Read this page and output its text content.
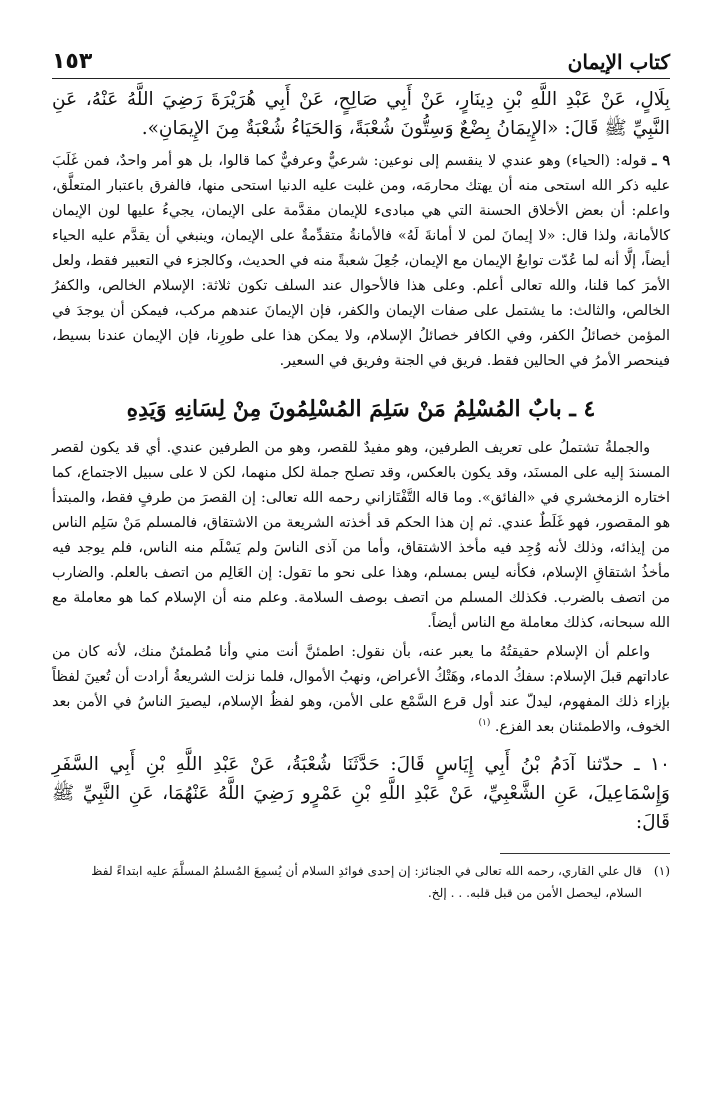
كتاب الإيمان
١٥٣

بِلَالٍ، عَنْ عَبْدِ اللَّهِ بْنِ دِينَارٍ، عَنْ أَبِي صَالِحٍ، عَنْ أَبِي هُرَيْرَةَ رَضِيَ اللَّهُ عَنْهُ، عَنِ النَّبِيِّ ﷺ قَالَ: «الإِيمَانُ بِضْعٌ وَسِتُّونَ شُعْبَةً، وَالحَيَاءُ شُعْبَةٌ مِنَ الإِيمَانِ».

٩ ـ قوله: (الحياء) وهو عندي لا ينقسم إلى نوعين: شرعيٌّ وعرفيٌّ كما قالوا، بل هو أمر واحدٌ، فمن غَلَبَ عليه ذكر الله استحى منه أن يهتك محارمَه، ومن غلبت عليه الدنيا استحى منها، فالفرق باعتبار المتعلَّق، واعلم: أن بعض الأخلاق الحسنة التي هي مبادىء للإيمان مقدَّمة على الإيمان، يجيءُ عليها لون الإيمان كالأمانة، ولذا قال: «لا إيمانَ لمن لا أمانةَ لَهُ» فالأمانةُ متقدِّمةٌ على الإيمان، وينبغي أن يقدَّم عليه الحياء أيضاً، إلَّا أنه لما عُدّت توابعُ الإيمان مع الإيمان، جُعِلَ شعبةً منه في الحديث، وكالجزء في التعبير فقط، ولعل الأمرَ كما قلنا، والله تعالى أعلم. وعلى هذا فالأحوال عند السلف تكون ثلاثة: الإسلام الخالص، والكفرُ الخالص، والثالث: ما يشتمل على صفات الإيمان والكفر، فإن الإيمانَ عندهم مركب، فيمكن أن يوجدَ في المؤمن خصائلُ الكفر، وفي الكافر خصائلُ الإسلام، ولا يمكن هذا على طورِنا، فإن الإيمان عندنا بسيط، فينحصر الأمرُ في الحالين فقط. فريق في الجنة وفريق في السعير.

٤ ـ بابٌ المُسْلِمُ مَنْ سَلِمَ المُسْلِمُونَ مِنْ لِسَانِهِ وَيَدِهِ

والجملةُ تشتملُ على تعريف الطرفين، وهو مفيدٌ للقصر، وهو من الطرفين عندي. أي قد يكون لقصر المسندَ إليه على المسنَد، وقد يكون بالعكس، وقد تصلح جملة لكل منهما، لكن لا على سبيل الاجتماع، كما اختاره الزمخشري في «الفائق». وما قاله التَّفْتَازاني رحمه الله تعالى: إن القصرَ من طرفٍ فقط، والمبتدأ هو المقصور، فهو غَلَطٌ عندي. ثم إن هذا الحكم قد أخذته الشريعة من الاشتقاق، فالمسلم مَنْ سَلِم الناس من إيذائه، وذلك لأنه وُجِد فيه مأخذ الاشتقاق، وأما من آذى الناسَ ولم يَسْلَم منه الناس، فلم يوجد فيه مأخذُ اشتقاقِ الإسلام، فكأنه ليس بمسلم، وهذا على نحو ما تقول: إن العَالِم من اتصف بالعلم. والضارب من اتصف بالضرب. فكذلك المسلم من اتصف بوصف السلامة. وعلم منه أن الإسلام كما هو معاملة مع الله سبحانه، كذلك معاملة مع الناس أيضاً.

واعلم أن الإسلام حقيقتُهُ ما يعبر عنه، بأن نقول: اطمئنَّ أنت مني وأنا مُطمئنٌ منك، لأنه كان من عاداتهم قبلَ الإسلام: سفكُ الدماء، وهَتْكُ الأعراض، ونهبُ الأموال، فلما نزلت الشريعةُ أرادت أن تُعينَ لفظاً بإزاء ذلك المفهوم، ليدلّ عند أول قرع السَّمْع على الأمن، وهو لفظُ الإسلام، ليصيرَ الناسُ في الأمن بعد الخوف، والاطمئنان بعد الفزع. $^{(١)}$

١٠ ـ حدّثنا آدَمُ بْنُ أَبِي إِيَاسٍ قَالَ: حَدَّثَنَا شُعْبَةُ، عَنْ عَبْدِ اللَّهِ بْنِ أَبِي السَّفَرِ وَإِسْمَاعِيلَ، عَنِ الشَّعْبِيِّ، عَنْ عَبْدِ اللَّهِ بْنِ عَمْرٍو رَضِيَ اللَّهُ عَنْهُمَا، عَنِ النَّبِيِّ ﷺ قَالَ:

(١)
قال علي القاري، رحمه الله تعالى في الجنائز: إن إحدى فوائدِ السلام أن يُسمِعَ المُسلمُ المسلَّمَ عليه ابتداءً لفظ السلام، ليحصل الأمن من قبل قلبه. . . إلخ.
